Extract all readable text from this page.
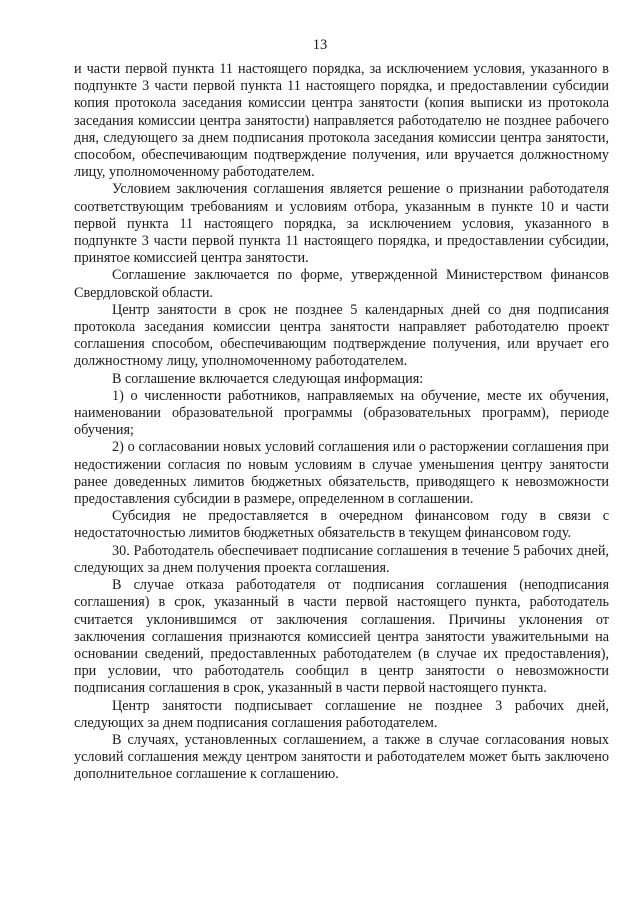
13

и части первой пункта 11 настоящего порядка, за исключением условия, указанного в подпункте 3 части первой пункта 11 настоящего порядка, и предоставлении субсидии копия протокола заседания комиссии центра занятости (копия выписки из протокола заседания комиссии центра занятости) направляется работодателю не позднее рабочего дня, следующего за днем подписания протокола заседания комиссии центра занятости, способом, обеспечивающим подтверждение получения, или вручается должностному лицу, уполномоченному работодателем.

Условием заключения соглашения является решение о признании работодателя соответствующим требованиям и условиям отбора, указанным в пункте 10 и части первой пункта 11 настоящего порядка, за исключением условия, указанного в подпункте 3 части первой пункта 11 настоящего порядка, и предоставлении субсидии, принятое комиссией центра занятости.

Соглашение заключается по форме, утвержденной Министерством финансов Свердловской области.

Центр занятости в срок не позднее 5 календарных дней со дня подписания протокола заседания комиссии центра занятости направляет работодателю проект соглашения способом, обеспечивающим подтверждение получения, или вручает его должностному лицу, уполномоченному работодателем.

В соглашение включается следующая информация:

1) о численности работников, направляемых на обучение, месте их обучения, наименовании образовательной программы (образовательных программ), периоде обучения;

2) о согласовании новых условий соглашения или о расторжении соглашения при недостижении согласия по новым условиям в случае уменьшения центру занятости ранее доведенных лимитов бюджетных обязательств, приводящего к невозможности предоставления субсидии в размере, определенном в соглашении.

Субсидия не предоставляется в очередном финансовом году в связи с недостаточностью лимитов бюджетных обязательств в текущем финансовом году.

30. Работодатель обеспечивает подписание соглашения в течение 5 рабочих дней, следующих за днем получения проекта соглашения.

В случае отказа работодателя от подписания соглашения (неподписания соглашения) в срок, указанный в части первой настоящего пункта, работодатель считается уклонившимся от заключения соглашения. Причины уклонения от заключения соглашения признаются комиссией центра занятости уважительными на основании сведений, предоставленных работодателем (в случае их предоставления), при условии, что работодатель сообщил в центр занятости о невозможности подписания соглашения в срок, указанный в части первой настоящего пункта.

Центр занятости подписывает соглашение не позднее 3 рабочих дней, следующих за днем подписания соглашения работодателем.

В случаях, установленных соглашением, а также в случае согласования новых условий соглашения между центром занятости и работодателем может быть заключено дополнительное соглашение к соглашению.
